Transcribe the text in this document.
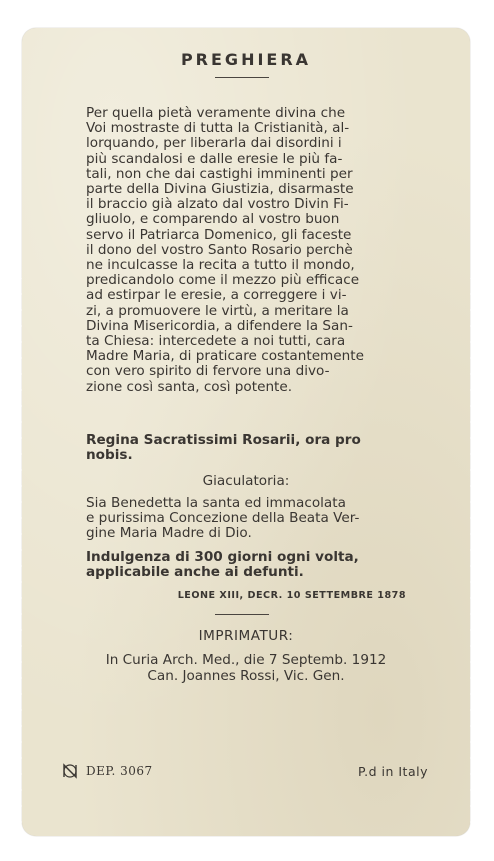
PREGHIERA
Per quella pietà veramente divina che
Voi mostraste di tutta la Cristianità, al-
lorquando, per liberarla dai disordini i
più scandalosi e dalle eresie le più fa-
tali, non che dai castighi imminenti per
parte della Divina Giustizia, disarmaste
il braccio già alzato dal vostro Divin Fi-
gliuolo, e comparendo al vostro buon
servo il Patriarca Domenico, gli faceste
il dono del vostro Santo Rosario perchè
ne inculcasse la recita a tutto il mondo,
predicandolo come il mezzo più efficace
ad estirpar le eresie, a correggere i vi-
zi, a promuovere le virtù, a meritare la
Divina Misericordia, a difendere la San-
ta Chiesa: intercedete a noi tutti, cara
Madre Maria, di praticare costantemente
con vero spirito di fervore una divo-
zione così santa, così potente.
Regina Sacratissimi Rosarii, ora pro
nobis.
Giaculatoria:
Sia Benedetta la santa ed immacolata
e purissima Concezione della Beata Ver-
gine Maria Madre di Dio.
Indulgenza di 300 giorni ogni volta,
applicabile anche ai defunti.
LEONE XIII, DECR. 10 SETTEMBRE 1878
IMPRIMATUR:
In Curia Arch. Med., die 7 Septemb. 1912
Can. Joannes Rossi, Vic. Gen.
DEP. 3067	P.d in Italy
